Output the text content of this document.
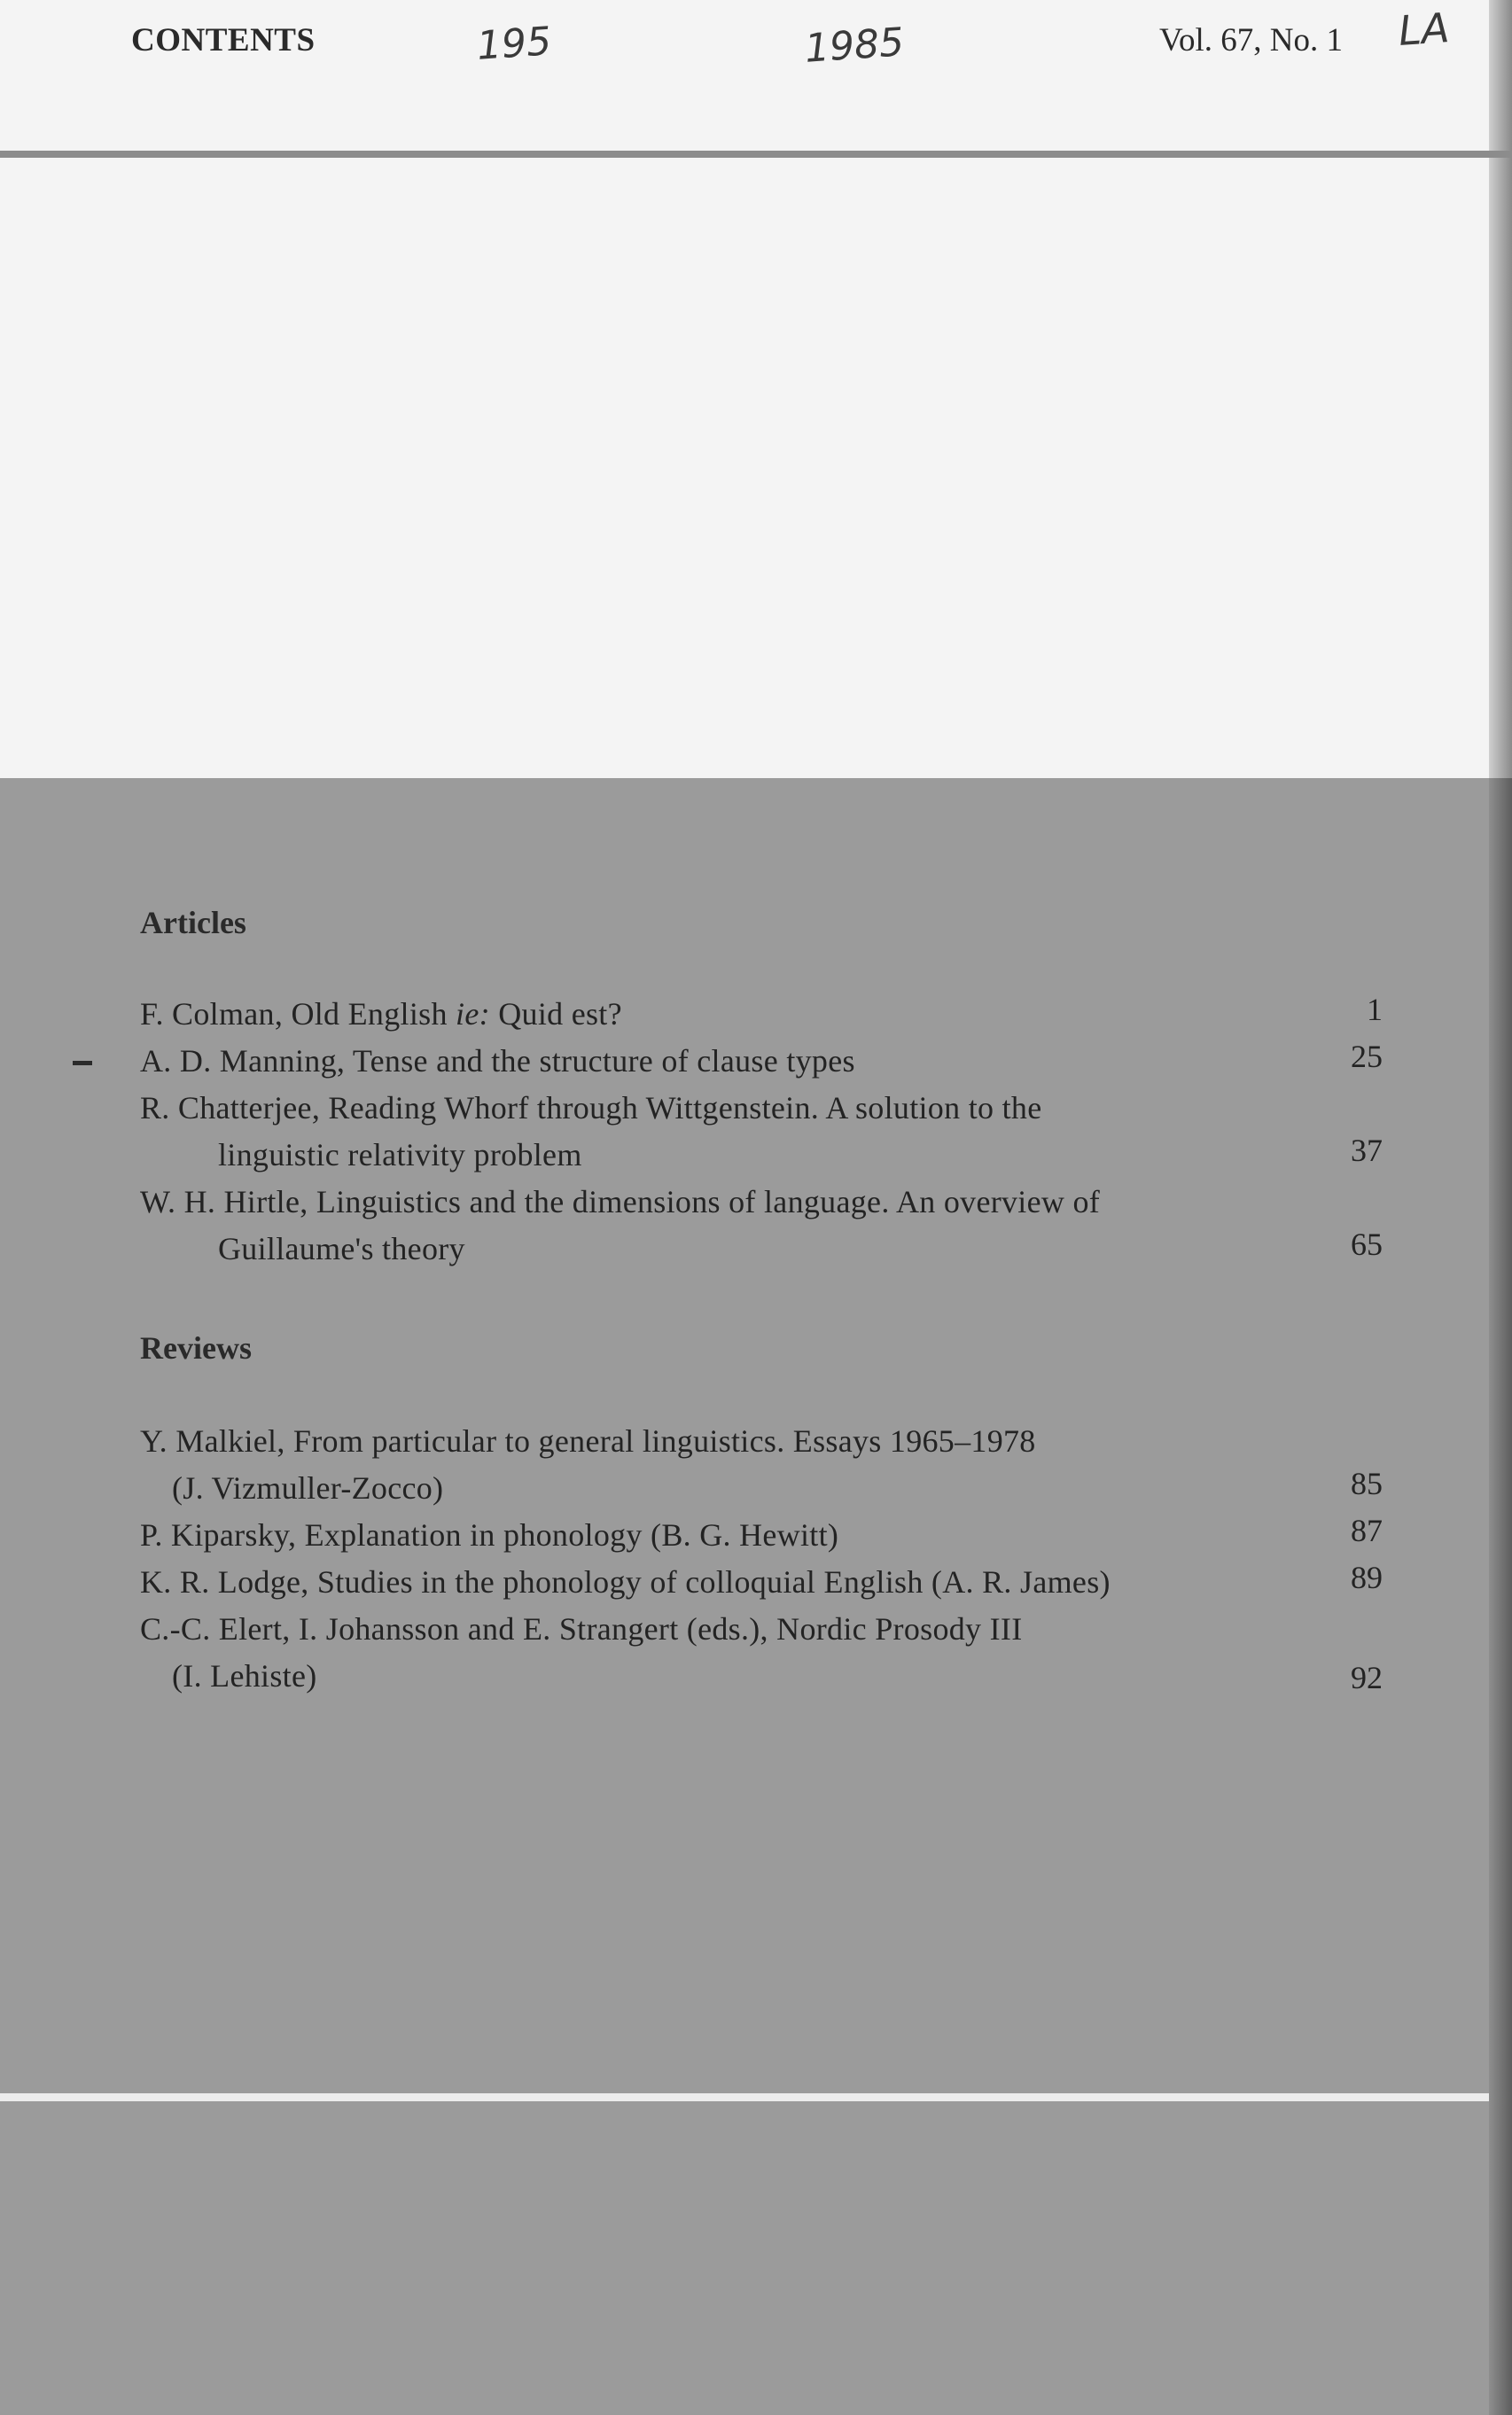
CONTENTS	Vol. 67, No. 1
195	1985	LA
Articles
F. Colman, Old English ie: Quid est?	1
A. D. Manning, Tense and the structure of clause types	25
R. Chatterjee, Reading Whorf through Wittgenstein. A solution to the
linguistic relativity problem	37
W. H. Hirtle, Linguistics and the dimensions of language. An overview of
Guillaume's theory	65
Reviews
Y. Malkiel, From particular to general linguistics. Essays 1965–1978
(J. Vizmuller-Zocco)	85
P. Kiparsky, Explanation in phonology (B. G. Hewitt)	87
K. R. Lodge, Studies in the phonology of colloquial English (A. R. James)	89
C.-C. Elert, I. Johansson and E. Strangert (eds.), Nordic Prosody III
(I. Lehiste)	92
